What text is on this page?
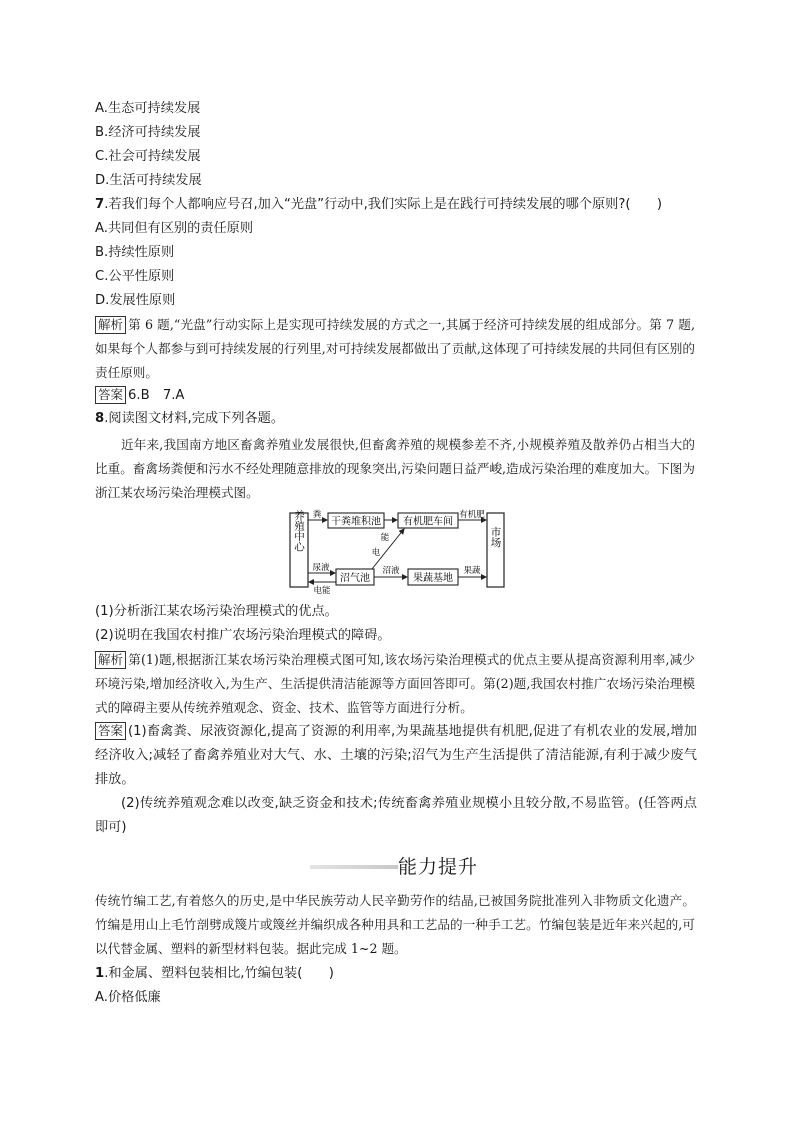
A.生态可持续发展
B.经济可持续发展
C.社会可持续发展
D.生活可持续发展
7.若我们每个人都响应号召,加入“光盘”行动中,我们实际上是在践行可持续发展的哪个原则?(　　)
A.共同但有区别的责任原则
B.持续性原则
C.公平性原则
D.发展性原则
解析 第 6 题,“光盘”行动实际上是实现可持续发展的方式之一,其属于经济可持续发展的组成部分。第 7 题,如果每个人都参与到可持续发展的行列里,对可持续发展都做出了贡献,这体现了可持续发展的共同但有区别的责任原则。
答案 6.B　7.A
8.阅读图文材料,完成下列各题。
近年来,我国南方地区畜禽养殖业发展很快,但畜禽养殖的规模参差不齐,小规模养殖及散养仍占相当大的比重。畜禽场粪便和污水不经处理随意排放的现象突出,污染问题日益严峻,造成污染治理的难度加大。下图为浙江某农场污染治理模式图。
养殖中心	市场
干粪堆积池 有机肥车间
沼气池	果蔬基地
粪	有机肥
尿液
电能
沼液	果蔬
能
电
(1)分析浙江某农场污染治理模式的优点。
(2)说明在我国农村推广农场污染治理模式的障碍。
解析 第(1)题,根据浙江某农场污染治理模式图可知,该农场污染治理模式的优点主要从提高资源利用率,减少环境污染,增加经济收入,为生产、生活提供清洁能源等方面回答即可。第(2)题,我国农村推广农场污染治理模式的障碍主要从传统养殖观念、资金、技术、监管等方面进行分析。
答案 (1)畜禽粪、尿液资源化,提高了资源的利用率,为果蔬基地提供有机肥,促进了有机农业的发展,增加经济收入;减轻了畜禽养殖业对大气、水、土壤的污染;沼气为生产生活提供了清洁能源,有利于减少废气排放。
(2)传统养殖观念难以改变,缺乏资金和技术;传统畜禽养殖业规模小且较分散,不易监管。(任答两点即可)
能力提升
传统竹编工艺,有着悠久的历史,是中华民族劳动人民辛勤劳作的结晶,已被国务院批准列入非物质文化遗产。竹编是用山上毛竹剖劈成篾片或篾丝并编织成各种用具和工艺品的一种手工艺。竹编包装是近年来兴起的,可以代替金属、塑料的新型材料包装。据此完成 1~2 题。
1.和金属、塑料包装相比,竹编包装(　　)
A.价格低廉
